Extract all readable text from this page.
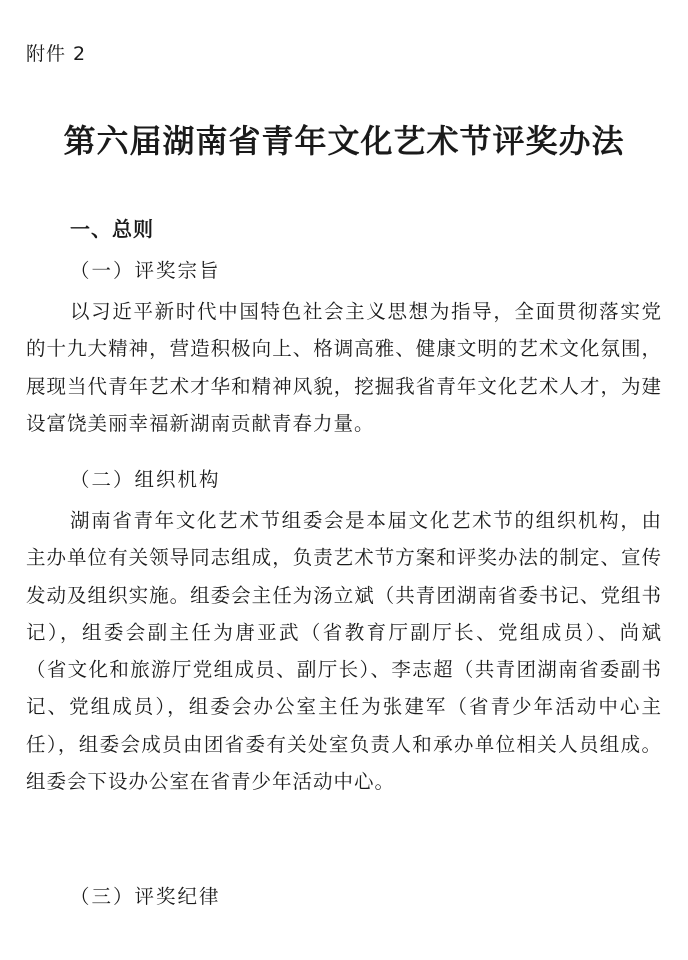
附件 2
第六届湖南省青年文化艺术节评奖办法
一、总则
（一）评奖宗旨

以习近平新时代中国特色社会主义思想为指导，全面贯彻落实党的十九大精神，营造积极向上、格调高雅、健康文明的艺术文化氛围，展现当代青年艺术才华和精神风貌，挖掘我省青年文化艺术人才，为建设富饶美丽幸福新湖南贡献青春力量。

（二）组织机构

湖南省青年文化艺术节组委会是本届文化艺术节的组织机构，由主办单位有关领导同志组成，负责艺术节方案和评奖办法的制定、宣传发动及组织实施。组委会主任为汤立斌（共青团湖南省委书记、党组书记），组委会副主任为唐亚武（省教育厅副厅长、党组成员）、尚斌（省文化和旅游厅党组成员、副厅长）、李志超（共青团湖南省委副书记、党组成员），组委会办公室主任为张建军（省青少年活动中心主任），组委会成员由团省委有关处室负责人和承办单位相关人员组成。组委会下设办公室在省青少年活动中心。

（三）评奖纪律
